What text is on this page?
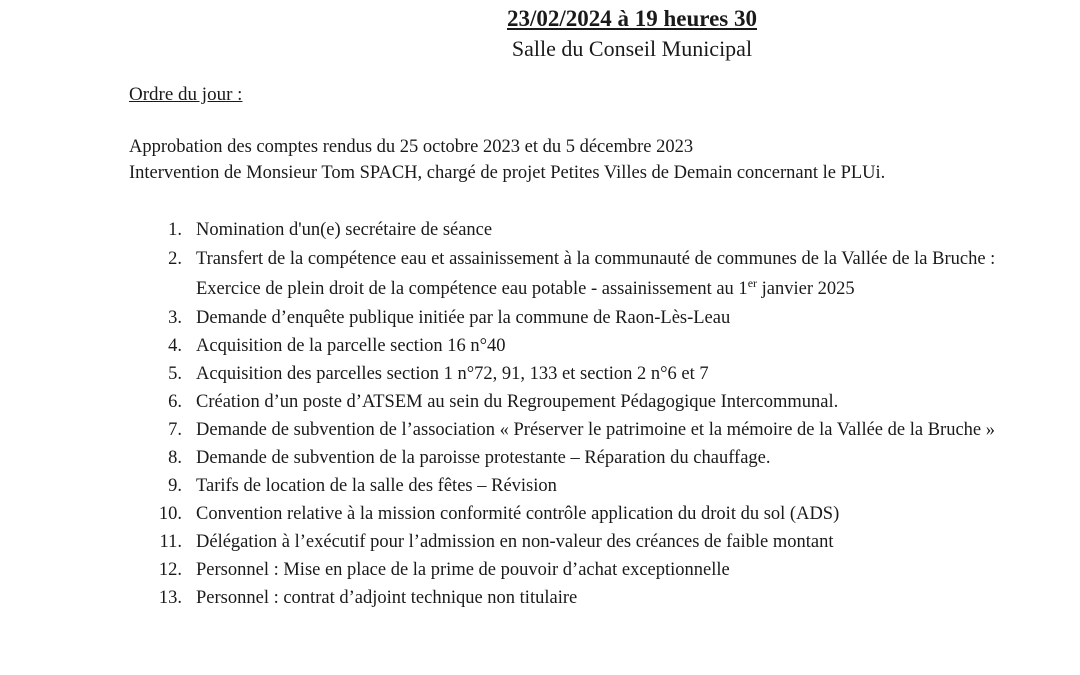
23/02/2024 à 19 heures 30
Salle du Conseil Municipal
Ordre du jour :
Approbation des comptes rendus du 25 octobre 2023 et du 5 décembre 2023
Intervention de Monsieur Tom SPACH, chargé de projet Petites Villes de Demain concernant le PLUi.
1. Nomination d'un(e) secrétaire de séance
2. Transfert de la compétence eau et assainissement à la communauté de communes de la Vallée de la Bruche : Exercice de plein droit de la compétence eau potable - assainissement au 1er janvier 2025
3. Demande d’enquête publique initiée par la commune de Raon-Lès-Leau
4. Acquisition de la parcelle section 16 n°40
5. Acquisition des parcelles section 1 n°72, 91, 133 et section 2 n°6 et 7
6. Création d’un poste d’ATSEM au sein du Regroupement Pédagogique Intercommunal.
7. Demande de subvention de l’association « Préserver le patrimoine et la mémoire de la Vallée de la Bruche »
8. Demande de subvention de la paroisse protestante – Réparation du chauffage.
9. Tarifs de location de la salle des fêtes – Révision
10. Convention relative à la mission conformité contrôle application du droit du sol (ADS)
11. Délégation à l’exécutif pour l’admission en non-valeur des créances de faible montant
12. Personnel : Mise en place de la prime de pouvoir d’achat exceptionnelle
13. Personnel : contrat d’adjoint technique non titulaire
